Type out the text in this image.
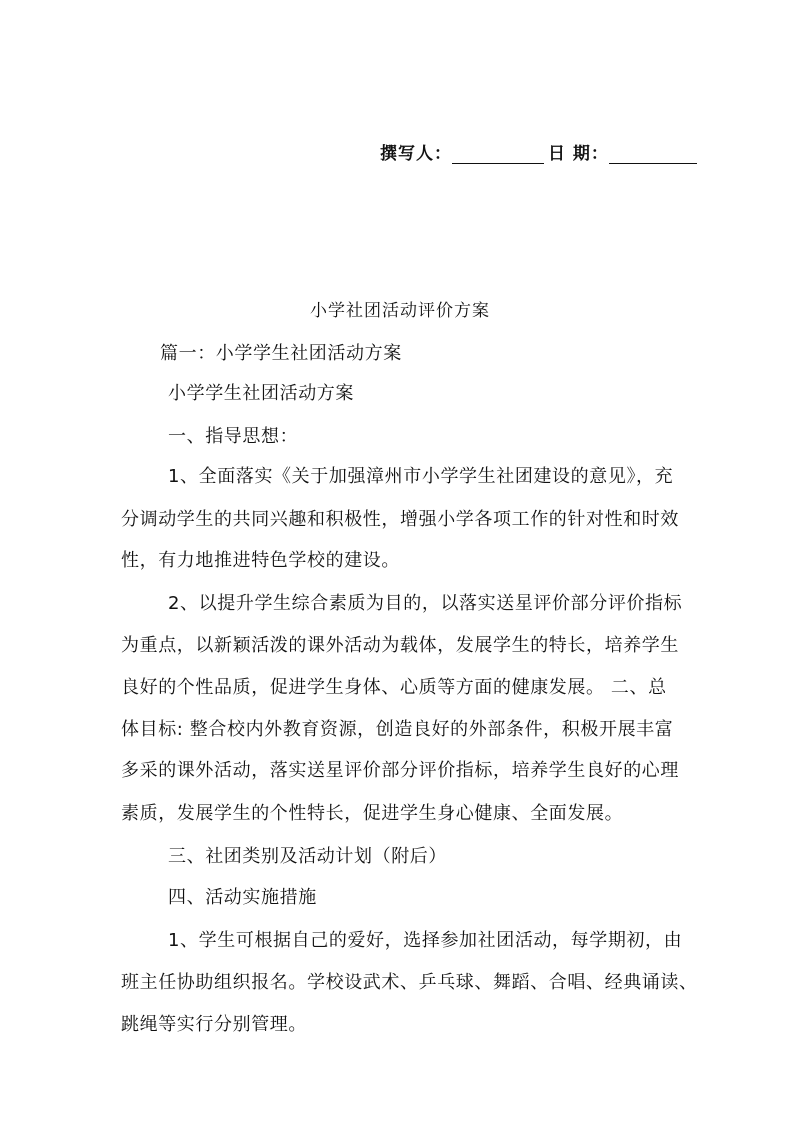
撰写人：	日 期：
小学社团活动评价方案
篇一：小学学生社团活动方案
小学学生社团活动方案
一、指导思想：
1、全面落实《关于加强漳州市小学学生社团建设的意见》，充
分调动学生的共同兴趣和积极性，增强小学各项工作的针对性和时效
性，有力地推进特色学校的建设。
2、以提升学生综合素质为目的，以落实送星评价部分评价指标
为重点，以新颖活泼的课外活动为载体，发展学生的特长，培养学生
良好的个性品质，促进学生身体、心质等方面的健康发展。 二、总
体目标: 整合校内外教育资源，创造良好的外部条件，积极开展丰富
多采的课外活动，落实送星评价部分评价指标，培养学生良好的心理
素质，发展学生的个性特长，促进学生身心健康、全面发展。
三、社团类别及活动计划（附后）
四、活动实施措施
1、学生可根据自己的爱好，选择参加社团活动，每学期初，由
班主任协助组织报名。学校设武术、乒乓球、舞蹈、合唱、经典诵读、
跳绳等实行分别管理。
